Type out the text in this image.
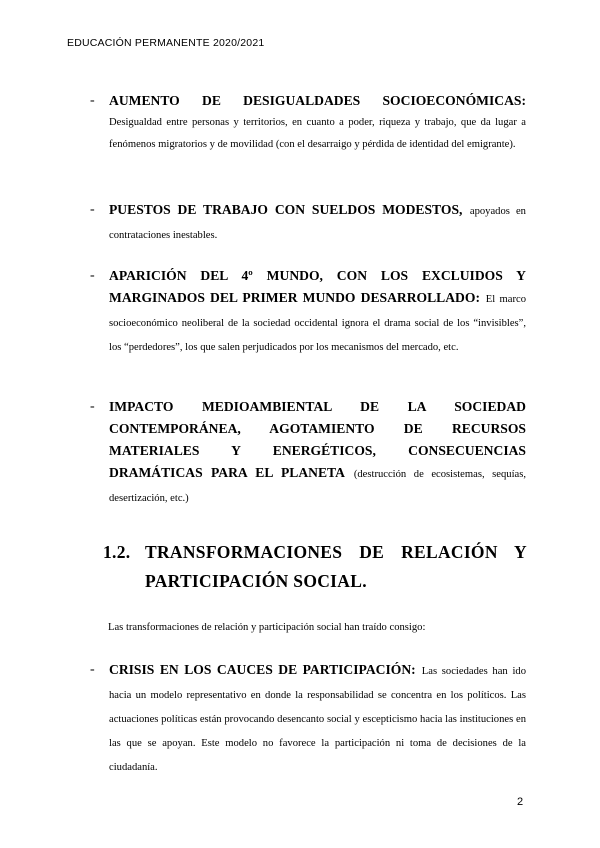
EDUCACIÓN PERMANENTE 2020/2021
- AUMENTO DE DESIGUALDADES SOCIOECONÓMICAS:
Desigualdad entre personas y territorios, en cuanto a poder, riqueza y trabajo, que da lugar a fenómenos migratorios y de movilidad (con el desarraigo y pérdida de identidad del emigrante).
- PUESTOS DE TRABAJO CON SUELDOS MODESTOS, apoyados en contrataciones inestables.
- APARICIÓN DEL 4º MUNDO, CON LOS EXCLUIDOS Y
MARGINADOS DEL PRIMER MUNDO DESARROLLADO: El marco socioeconómico neoliberal de la sociedad occidental ignora el drama social de los “invisibles”, los “perdedores”, los que salen perjudicados por los mecanismos del mercado, etc.
- IMPACTO MEDIOAMBIENTAL DE LA SOCIEDAD CONTEMPORÁNEA, AGOTAMIENTO DE RECURSOS MATERIALES Y ENERGÉTICOS, CONSECUENCIAS DRAMÁTICAS PARA EL PLANETA (destrucción de ecosistemas, sequías, desertización, etc.)
1.2. TRANSFORMACIONES DE RELACIÓN Y
PARTICIPACIÓN SOCIAL.
Las transformaciones de relación y participación social han traído consigo:
- CRISIS EN LOS CAUCES DE PARTICIPACIÓN: Las sociedades han ido hacia un modelo representativo en donde la responsabilidad se concentra en los políticos. Las actuaciones políticas están provocando desencanto social y escepticismo hacia las instituciones en las que se apoyan. Este modelo no favorece la participación ni toma de decisiones de la ciudadanía.
2
